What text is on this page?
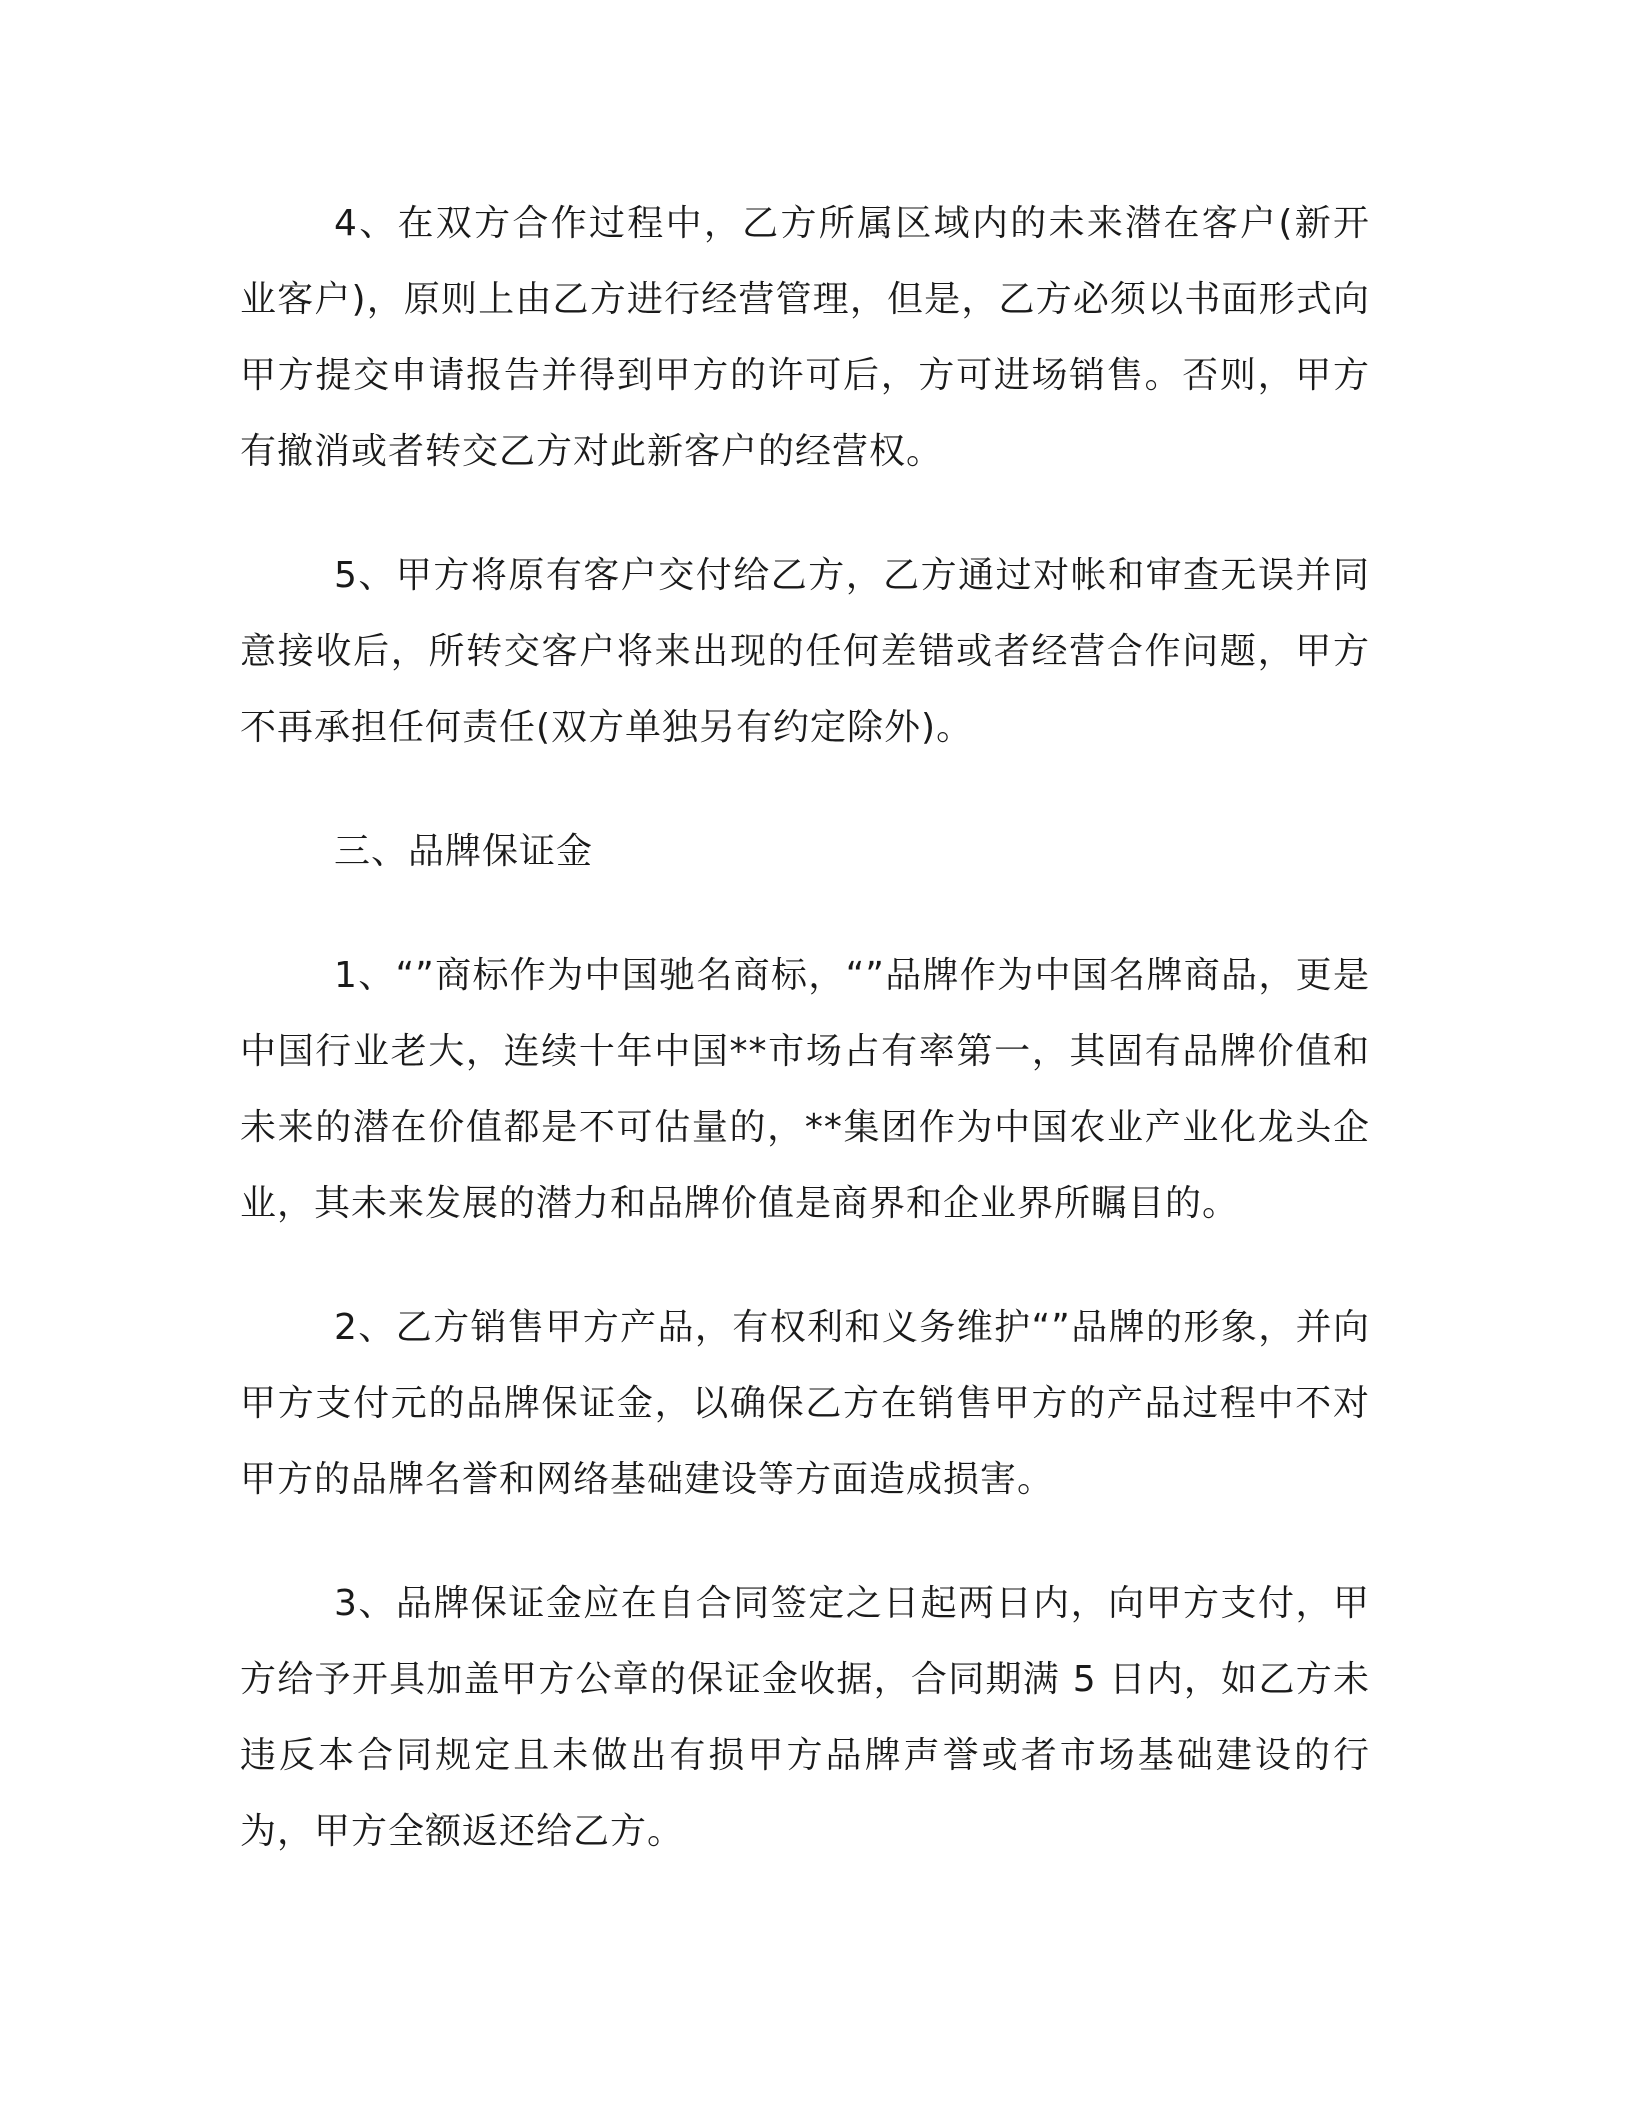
4、在双方合作过程中，乙方所属区域内的未来潜在客户(新开业客户)，原则上由乙方进行经营管理，但是，乙方必须以书面形式向甲方提交申请报告并得到甲方的许可后，方可进场销售。否则，甲方有撤消或者转交乙方对此新客户的经营权。

5、甲方将原有客户交付给乙方，乙方通过对帐和审查无误并同意接收后，所转交客户将来出现的任何差错或者经营合作问题，甲方不再承担任何责任(双方单独另有约定除外)。

三、品牌保证金

1、“”商标作为中国驰名商标，“”品牌作为中国名牌商品，更是中国行业老大，连续十年中国**市场占有率第一，其固有品牌价值和未来的潜在价值都是不可估量的，**集团作为中国农业产业化龙头企业，其未来发展的潜力和品牌价值是商界和企业界所瞩目的。

2、乙方销售甲方产品，有权利和义务维护“”品牌的形象，并向甲方支付元的品牌保证金，以确保乙方在销售甲方的产品过程中不对甲方的品牌名誉和网络基础建设等方面造成损害。

3、品牌保证金应在自合同签定之日起两日内，向甲方支付，甲方给予开具加盖甲方公章的保证金收据，合同期满 5 日内，如乙方未违反本合同规定且未做出有损甲方品牌声誉或者市场基础建设的行为，甲方全额返还给乙方。
